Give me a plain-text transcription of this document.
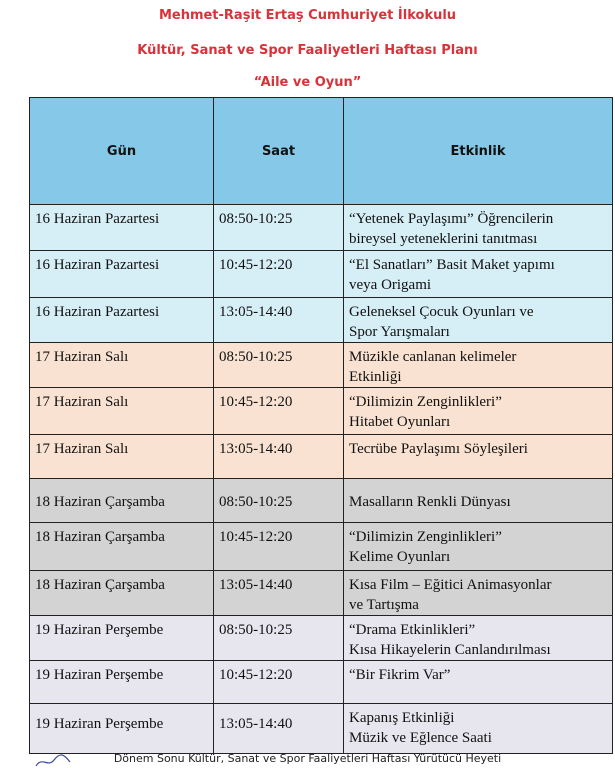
Mehmet-Raşit Ertaş Cumhuriyet İlkokulu

Kültür, Sanat ve Spor Faaliyetleri Haftası Planı

“Aile ve Oyun”

Gün	Saat	Etkinlik
16 Haziran Pazartesi	08:50-10:25	“Yetenek Paylaşımı” Öğrencilerin
bireysel yeteneklerini tanıtması

16 Haziran Pazartesi	10:45-12:20	“El Sanatları” Basit Maket yapımı
veya Origami

16 Haziran Pazartesi	13:05-14:40	Geleneksel Çocuk Oyunları ve
Spor Yarışmaları

17 Haziran Salı	08:50-10:25	Müzikle canlanan kelimeler
Etkinliği

17 Haziran Salı	10:45-12:20	“Dilimizin Zenginlikleri”
Hitabet Oyunları

17 Haziran Salı	13:05-14:40	Tecrübe Paylaşımı Söyleşileri

18 Haziran Çarşamba	08:50-10:25	Masalların Renkli Dünyası

18 Haziran Çarşamba	10:45-12:20	“Dilimizin Zenginlikleri”
Kelime Oyunları

18 Haziran Çarşamba	13:05-14:40	Kısa Film – Eğitici Animasyonlar
ve Tartışma

19 Haziran Perşembe	08:50-10:25	“Drama Etkinlikleri”
Kısa Hikayelerin Canlandırılması

19 Haziran Perşembe	10:45-12:20	“Bir Fikrim Var”

19 Haziran Perşembe	13:05-14:40	Kapanış Etkinliği
Müzik ve Eğlence Saati

Dönem Sonu Kültür, Sanat ve Spor Faaliyetleri Haftası Yürütücü Heyeti
